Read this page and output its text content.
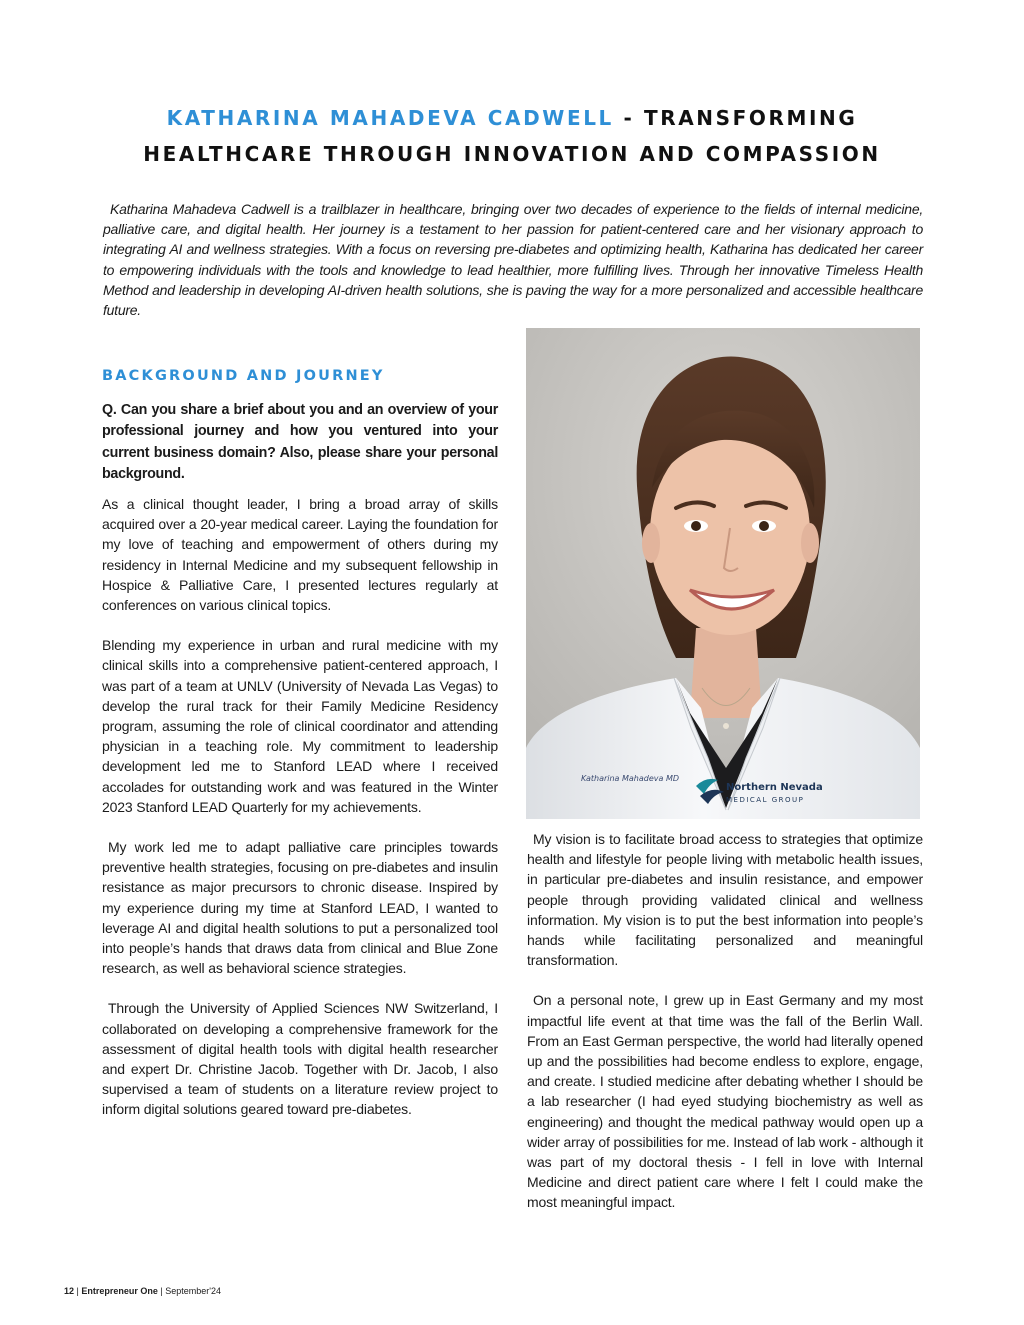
KATHARINA MAHADEVA CADWELL - TRANSFORMING
HEALTHCARE THROUGH INNOVATION AND COMPASSION

Katharina Mahadeva Cadwell is a trailblazer in healthcare, bringing over two decades of experience to the fields of internal medicine, palliative care, and digital health. Her journey is a testament to her passion for patient-centered care and her visionary approach to integrating AI and wellness strategies. With a focus on reversing pre-diabetes and optimizing health, Katharina has dedicated her career to empowering individuals with the tools and knowledge to lead healthier, more fulfilling lives. Through her innovative Timeless Health Method and leadership in developing AI-driven health solutions, she is paving the way for a more personalized and accessible healthcare future.

Katharina Mahadeva MD
Northern Nevada
MEDICAL GROUP
BACKGROUND AND JOURNEY

Q. Can you share a brief about you and an overview of your professional journey and how you ventured into your current business domain? Also, please share your personal background.

As a clinical thought leader, I bring a broad array of skills acquired over a 20-year medical career. Laying the foundation for my love of teaching and empowerment of others during my residency in Internal Medicine and my subsequent fellowship in Hospice & Palliative Care, I presented lectures regularly at conferences on various clinical topics.

Blending my experience in urban and rural medicine with my clinical skills into a comprehensive patient-centered approach, I was part of a team at UNLV (University of Nevada Las Vegas) to develop the rural track for their Family Medicine Residency program, assuming the role of clinical coordinator and attending physician in a teaching role. My commitment to leadership development led me to Stanford LEAD where I received accolades for outstanding work and was featured in the Winter 2023 Stanford LEAD Quarterly for my achievements.

My work led me to adapt palliative care principles towards preventive health strategies, focusing on pre-diabetes and insulin resistance as major precursors to chronic disease. Inspired by my experience during my time at Stanford LEAD, I wanted to leverage AI and digital health solutions to put a personalized tool into people’s hands that draws data from clinical and Blue Zone research, as well as behavioral science strategies.

Through the University of Applied Sciences NW Switzerland, I collaborated on developing a comprehensive framework for the assessment of digital health tools with digital health researcher and expert Dr. Christine Jacob. Together with Dr. Jacob, I also supervised a team of students on a literature review project to inform digital solutions geared toward pre-diabetes.

My vision is to facilitate broad access to strategies that optimize health and lifestyle for people living with metabolic health issues, in particular pre-diabetes and insulin resistance, and empower people through providing validated clinical and wellness information. My vision is to put the best information into people’s hands while facilitating personalized and meaningful transformation.

On a personal note, I grew up in East Germany and my most impactful life event at that time was the fall of the Berlin Wall. From an East German perspective, the world had literally opened up and the possibilities had become endless to explore, engage, and create. I studied medicine after debating whether I should be a lab researcher (I had eyed studying biochemistry as well as engineering) and thought the medical pathway would open up a wider array of possibilities for me. Instead of lab work - although it was part of my doctoral thesis - I fell in love with Internal Medicine and direct patient care where I felt I could make the most meaningful impact.

12 | Entrepreneur One | September'24
